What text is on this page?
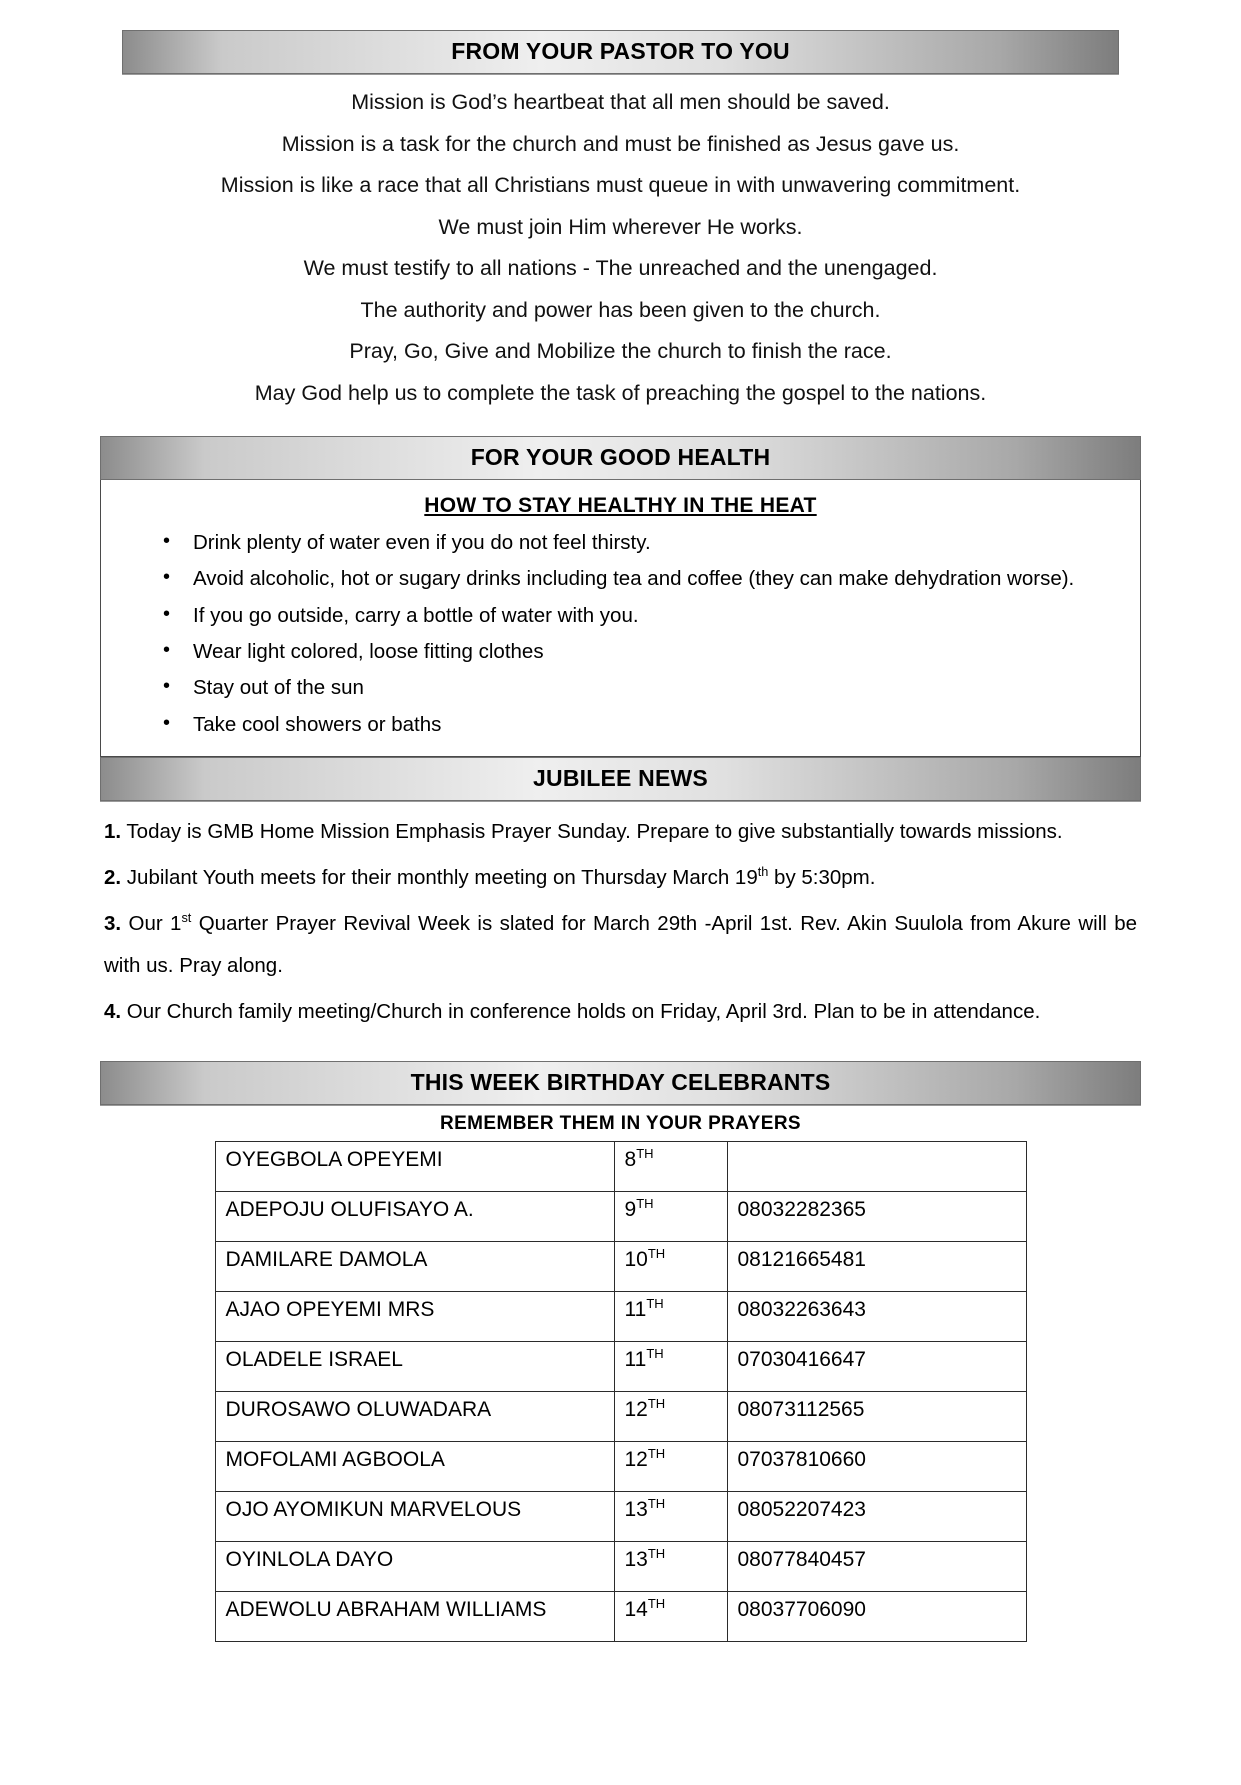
FROM YOUR PASTOR TO YOU
Mission is God’s heartbeat that all men should be saved.
Mission is a task for the church and must be finished as Jesus gave us.
Mission is like a race that all Christians must queue in with unwavering commitment.
We must join Him wherever He works.
We must testify to all nations - The unreached and the unengaged.
The authority and power has been given to the church.
Pray, Go, Give and Mobilize the church to finish the race.
May God help us to complete the task of preaching the gospel to the nations.
FOR YOUR GOOD HEALTH
HOW TO STAY HEALTHY IN THE HEAT
• Drink plenty of water even if you do not feel thirsty.
• Avoid alcoholic, hot or sugary drinks including tea and coffee (they can make dehydration worse).
• If you go outside, carry a bottle of water with you.
• Wear light colored, loose fitting clothes
• Stay out of the sun
• Take cool showers or baths
JUBILEE NEWS
1. Today is GMB Home Mission Emphasis Prayer Sunday. Prepare to give substantially towards missions.
2. Jubilant Youth meets for their monthly meeting on Thursday March 19th by 5:30pm.
3. Our 1st Quarter Prayer Revival Week is slated for March 29th -April 1st. Rev. Akin Suulola from Akure will be with us. Pray along.
4. Our Church family meeting/Church in conference holds on Friday, April 3rd. Plan to be in attendance.
THIS WEEK BIRTHDAY CELEBRANTS
REMEMBER THEM IN YOUR PRAYERS
OYEGBOLA OPEYEMI	8TH	
ADEPOJU OLUFISAYO A.	9TH	08032282365
DAMILARE DAMOLA	10TH	08121665481
AJAO OPEYEMI MRS	11TH	08032263643
OLADELE ISRAEL	11TH	07030416647
DUROSAWO OLUWADARA	12TH	08073112565
MOFOLAMI AGBOOLA	12TH	07037810660
OJO AYOMIKUN MARVELOUS	13TH	08052207423
OYINLOLA DAYO	13TH	08077840457
ADEWOLU ABRAHAM WILLIAMS	14TH	08037706090
